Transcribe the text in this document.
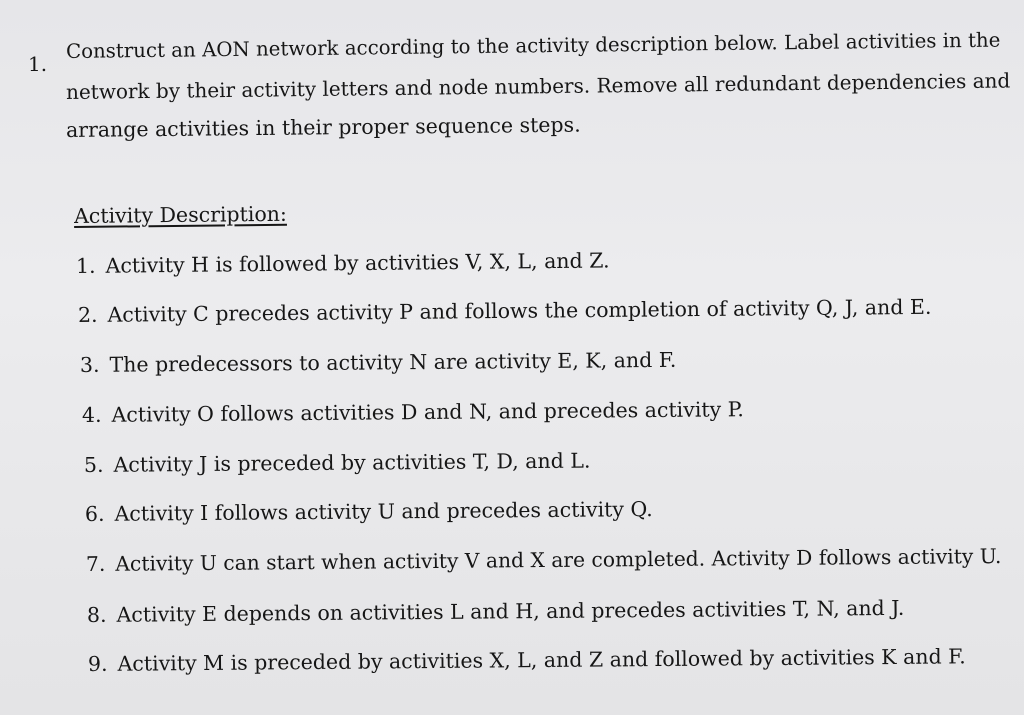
1.
Construct an AON network according to the activity description below. Label activities in the
network by their activity letters and node numbers. Remove all redundant dependencies and
arrange activities in their proper sequence steps.
Activity Description:
1. Activity H is followed by activities V, X, L, and Z.
2. Activity C precedes activity P and follows the completion of activity Q, J, and E.
3. The predecessors to activity N are activity E, K, and F.
4. Activity O follows activities D and N, and precedes activity P.
5. Activity J is preceded by activities T, D, and L.
6. Activity I follows activity U and precedes activity Q.
7. Activity U can start when activity V and X are completed. Activity D follows activity U.
8. Activity E depends on activities L and H, and precedes activities T, N, and J.
9. Activity M is preceded by activities X, L, and Z and followed by activities K and F.
